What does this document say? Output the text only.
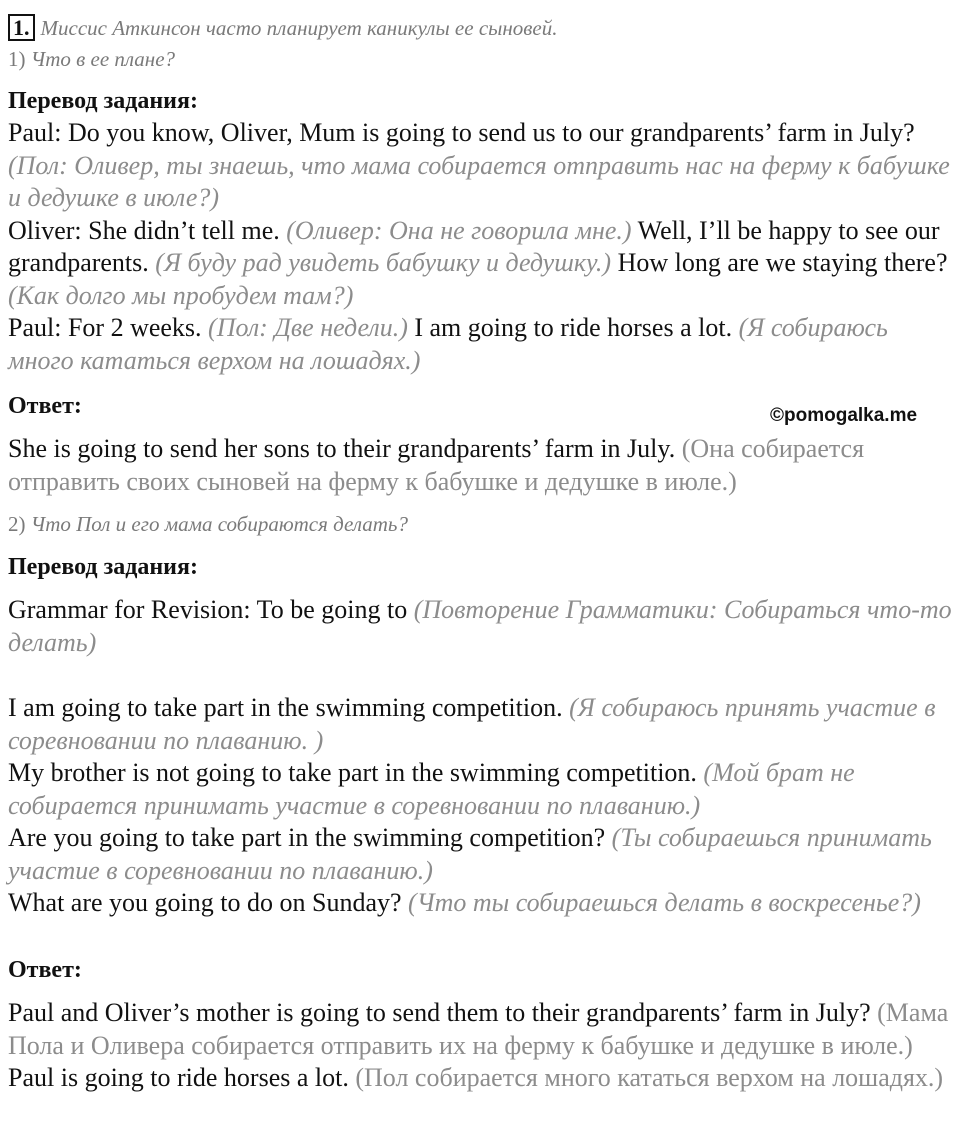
1. Миссис Аткинсон часто планирует каникулы ее сыновей.
1) Что в ее плане?
Перевод задания:
Paul: Do you know, Oliver, Mum is going to send us to our grandparents’ farm in July? (Пол: Оливер, ты знаешь, что мама собирается отправить нас на ферму к бабушке и дедушке в июле?)
Oliver: She didn’t tell me. (Оливер: Она не говорила мне.) Well, I’ll be happy to see our grandparents. (Я буду рад увидеть бабушку и дедушку.) How long are we staying there? (Как долго мы пробудем там?)
Paul: For 2 weeks. (Пол: Две недели.) I am going to ride horses a lot. (Я собираюсь много кататься верхом на лошадях.)
Ответ:	©pomogalka.me
She is going to send her sons to their grandparents’ farm in July. (Она собирается отправить своих сыновей на ферму к бабушке и дедушке в июле.)
2) Что Пол и его мама собираются делать?
Перевод задания:
Grammar for Revision: To be going to (Повторение Грамматики: Собираться что-то делать)
I am going to take part in the swimming competition. (Я собираюсь принять участие в соревновании по плаванию. )
My brother is not going to take part in the swimming competition. (Мой брат не собирается принимать участие в соревновании по плаванию.)
Are you going to take part in the swimming competition? (Ты собираешься принимать участие в соревновании по плаванию.)
What are you going to do on Sunday? (Что ты собираешься делать в воскресенье?)
Ответ:
Paul and Oliver’s mother is going to send them to their grandparents’ farm in July? (Мама Пола и Оливера собирается отправить их на ферму к бабушке и дедушке в июле.) Paul is going to ride horses a lot. (Пол собирается много кататься верхом на лошадях.)
